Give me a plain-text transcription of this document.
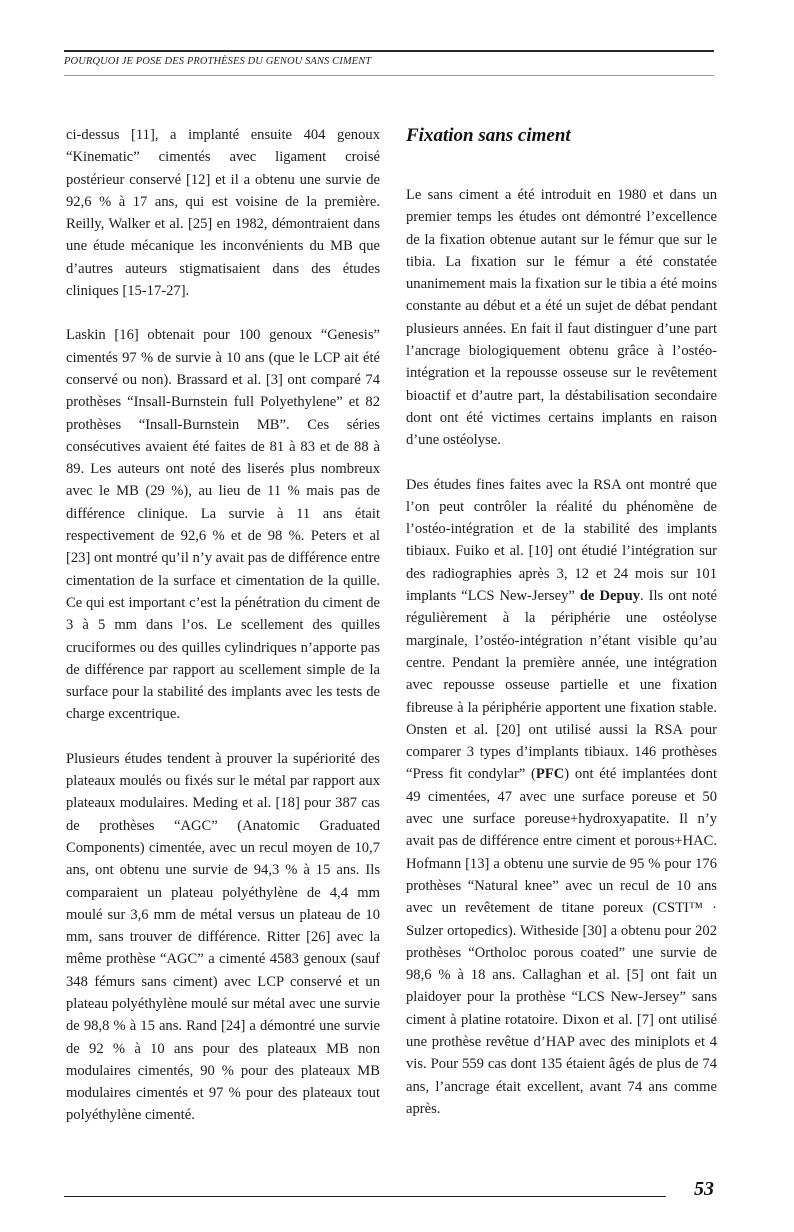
POURQUOI JE POSE DES PROTHÈSES DU GENOU SANS CIMENT

ci-dessus [11], a implanté ensuite 404 genoux “Kinematic” cimentés avec ligament croisé postérieur conservé [12] et il a obtenu une survie de 92,6 % à 17 ans, qui est voisine de la première. Reilly, Walker et al. [25] en 1982, démontraient dans une étude mécanique les inconvénients du MB que d’autres auteurs stigmatisaient dans des études cliniques [15-17-27].

Laskin [16] obtenait pour 100 genoux “Genesis” cimentés 97 % de survie à 10 ans (que le LCP ait été conservé ou non). Brassard et al. [3] ont comparé 74 prothèses “Insall-Burnstein full Polyethylene” et 82 prothèses “Insall-Burnstein MB”. Ces séries consécutives avaient été faites de 81 à 83 et de 88 à 89. Les auteurs ont noté des liserés plus nombreux avec le MB (29 %), au lieu de 11 % mais pas de différence clinique. La survie à 11 ans était respectivement de 92,6 % et de 98 %. Peters et al [23] ont montré qu’il n’y avait pas de différence entre cimentation de la surface et cimentation de la quille. Ce qui est important c’est la pénétration du ciment de 3 à 5 mm dans l’os. Le scellement des quilles cruciformes ou des quilles cylindriques n’apporte pas de différence par rapport au scellement simple de la surface pour la stabilité des implants avec les tests de charge excentrique.

Plusieurs études tendent à prouver la supériorité des plateaux moulés ou fixés sur le métal par rapport aux plateaux modulaires. Meding et al. [18] pour 387 cas de prothèses “AGC” (Anatomic Graduated Components) cimentée, avec un recul moyen de 10,7 ans, ont obtenu une survie de 94,3 % à 15 ans. Ils comparaient un plateau polyéthylène de 4,4 mm moulé sur 3,6 mm de métal versus un plateau de 10 mm, sans trouver de différence. Ritter [26] avec la même prothèse “AGC” a cimenté 4583 genoux (sauf 348 fémurs sans ciment) avec LCP conservé et un plateau polyéthylène moulé sur métal avec une survie de 98,8 % à 15 ans. Rand [24] a démontré une survie de 92 % à 10 ans pour des plateaux MB non modulaires cimentés, 90 % pour des plateaux MB modulaires cimentés et 97 % pour des plateaux tout polyéthylène cimenté.

Fixation sans ciment

Le sans ciment a été introduit en 1980 et dans un premier temps les études ont démontré l’excellence de la fixation obtenue autant sur le fémur que sur le tibia. La fixation sur le fémur a été constatée unanimement mais la fixation sur le tibia a été moins constante au début et a été un sujet de débat pendant plusieurs années. En fait il faut distinguer d’une part l’ancrage biologiquement obtenu grâce à l’ostéo-intégration et la repousse osseuse sur le revêtement bioactif et d’autre part, la déstabilisation secondaire dont ont été victimes certains implants en raison d’une ostéolyse.

Des études fines faites avec la RSA ont montré que l’on peut contrôler la réalité du phénomène de l’ostéo-intégration et de la stabilité des implants tibiaux. Fuiko et al. [10] ont étudié l’intégration sur des radiographies après 3, 12 et 24 mois sur 101 implants “LCS New-Jersey” de Depuy. Ils ont noté régulièrement à la périphérie une ostéolyse marginale, l’ostéo-intégration n’étant visible qu’au centre. Pendant la première année, une intégration avec repousse osseuse partielle et une fixation fibreuse à la périphérie apportent une fixation stable. Onsten et al. [20] ont utilisé aussi la RSA pour comparer 3 types d’implants tibiaux. 146 prothèses “Press fit condylar” (PFC) ont été implantées dont 49 cimentées, 47 avec une surface poreuse et 50 avec une surface poreuse+hydroxyapatite. Il n’y avait pas de différence entre ciment et porous+HAC. Hofmann [13] a obtenu une survie de 95 % pour 176 prothèses “Natural knee” avec un recul de 10 ans avec un revêtement de titane poreux (CSTI™ · Sulzer ortopedics). Witheside [30] a obtenu pour 202 prothèses “Ortholoc porous coated” une survie de 98,6 % à 18 ans. Callaghan et al. [5] ont fait un plaidoyer pour la prothèse “LCS New-Jersey” sans ciment à platine rotatoire. Dixon et al. [7] ont utilisé une prothèse revêtue d’HAP avec des miniplots et 4 vis. Pour 559 cas dont 135 étaient âgés de plus de 74 ans, l’ancrage était excellent, avant 74 ans comme après.

53
